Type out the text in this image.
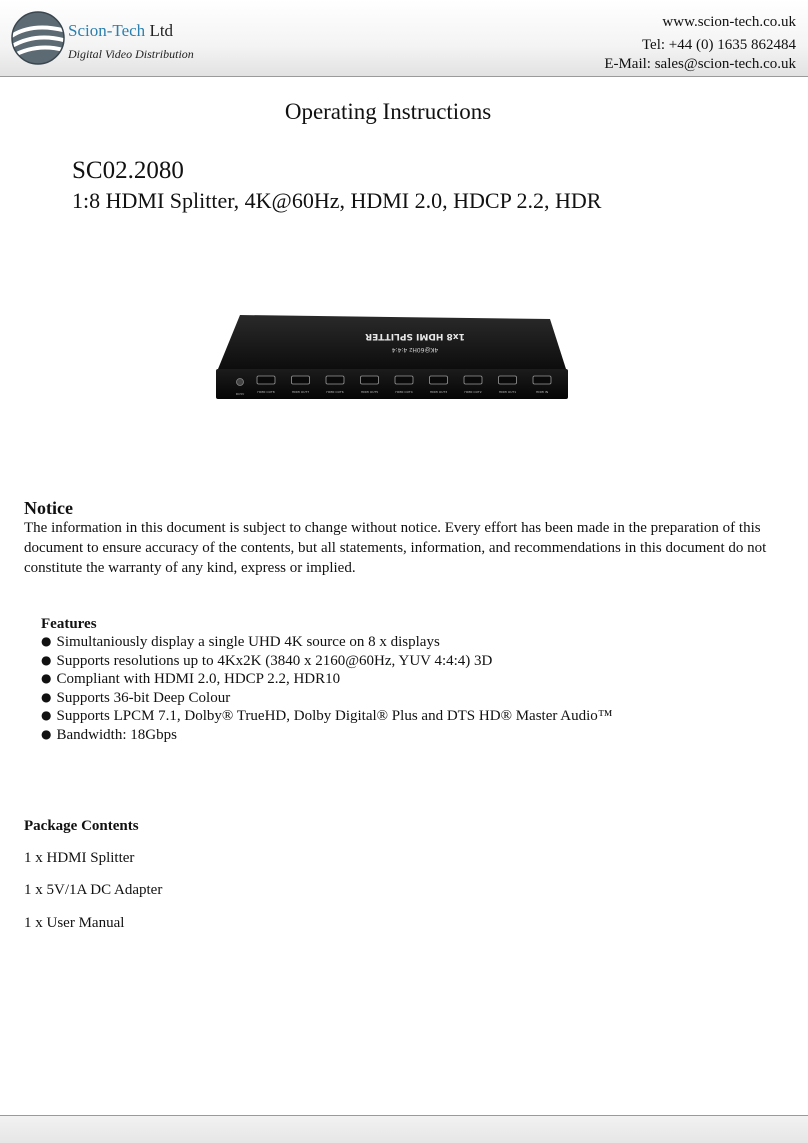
Scion-Tech Ltd
Digital Video Distribution
www.scion-tech.co.uk
Tel: +44 (0) 1635 862484
E-Mail: sales@scion-tech.co.uk
Operating Instructions
SC02.2080
1:8 HDMI Splitter, 4K@60Hz, HDMI 2.0, HDCP 2.2, HDR
1x8 HDMI SPLITTER
4K@60Hz 4:4:4
DC5V	HDMI OUT8	HDMI OUT7	HDMI OUT6	HDMI OUT5	HDMI OUT4	HDMI OUT3	HDMI OUT2	HDMI OUT1	HDMI IN
Notice

The information in this document is subject to change without notice. Every effort has been made in the preparation of this document to ensure accuracy of the contents, but all statements, information, and recommendations in this document do not constitute the warranty of any kind, express or implied.

Features
● Simultaniously display a single UHD 4K source on 8 x displays
● Supports resolutions up to 4Kx2K (3840 x 2160@60Hz, YUV 4:4:4) 3D
● Compliant with HDMI 2.0, HDCP 2.2, HDR10
● Supports 36-bit Deep Colour
● Supports LPCM 7.1, Dolby® TrueHD, Dolby Digital® Plus and DTS HD® Master Audio™
● Bandwidth: 18Gbps
Package Contents
1 x HDMI Splitter
1 x 5V/1A DC Adapter
1 x User Manual
